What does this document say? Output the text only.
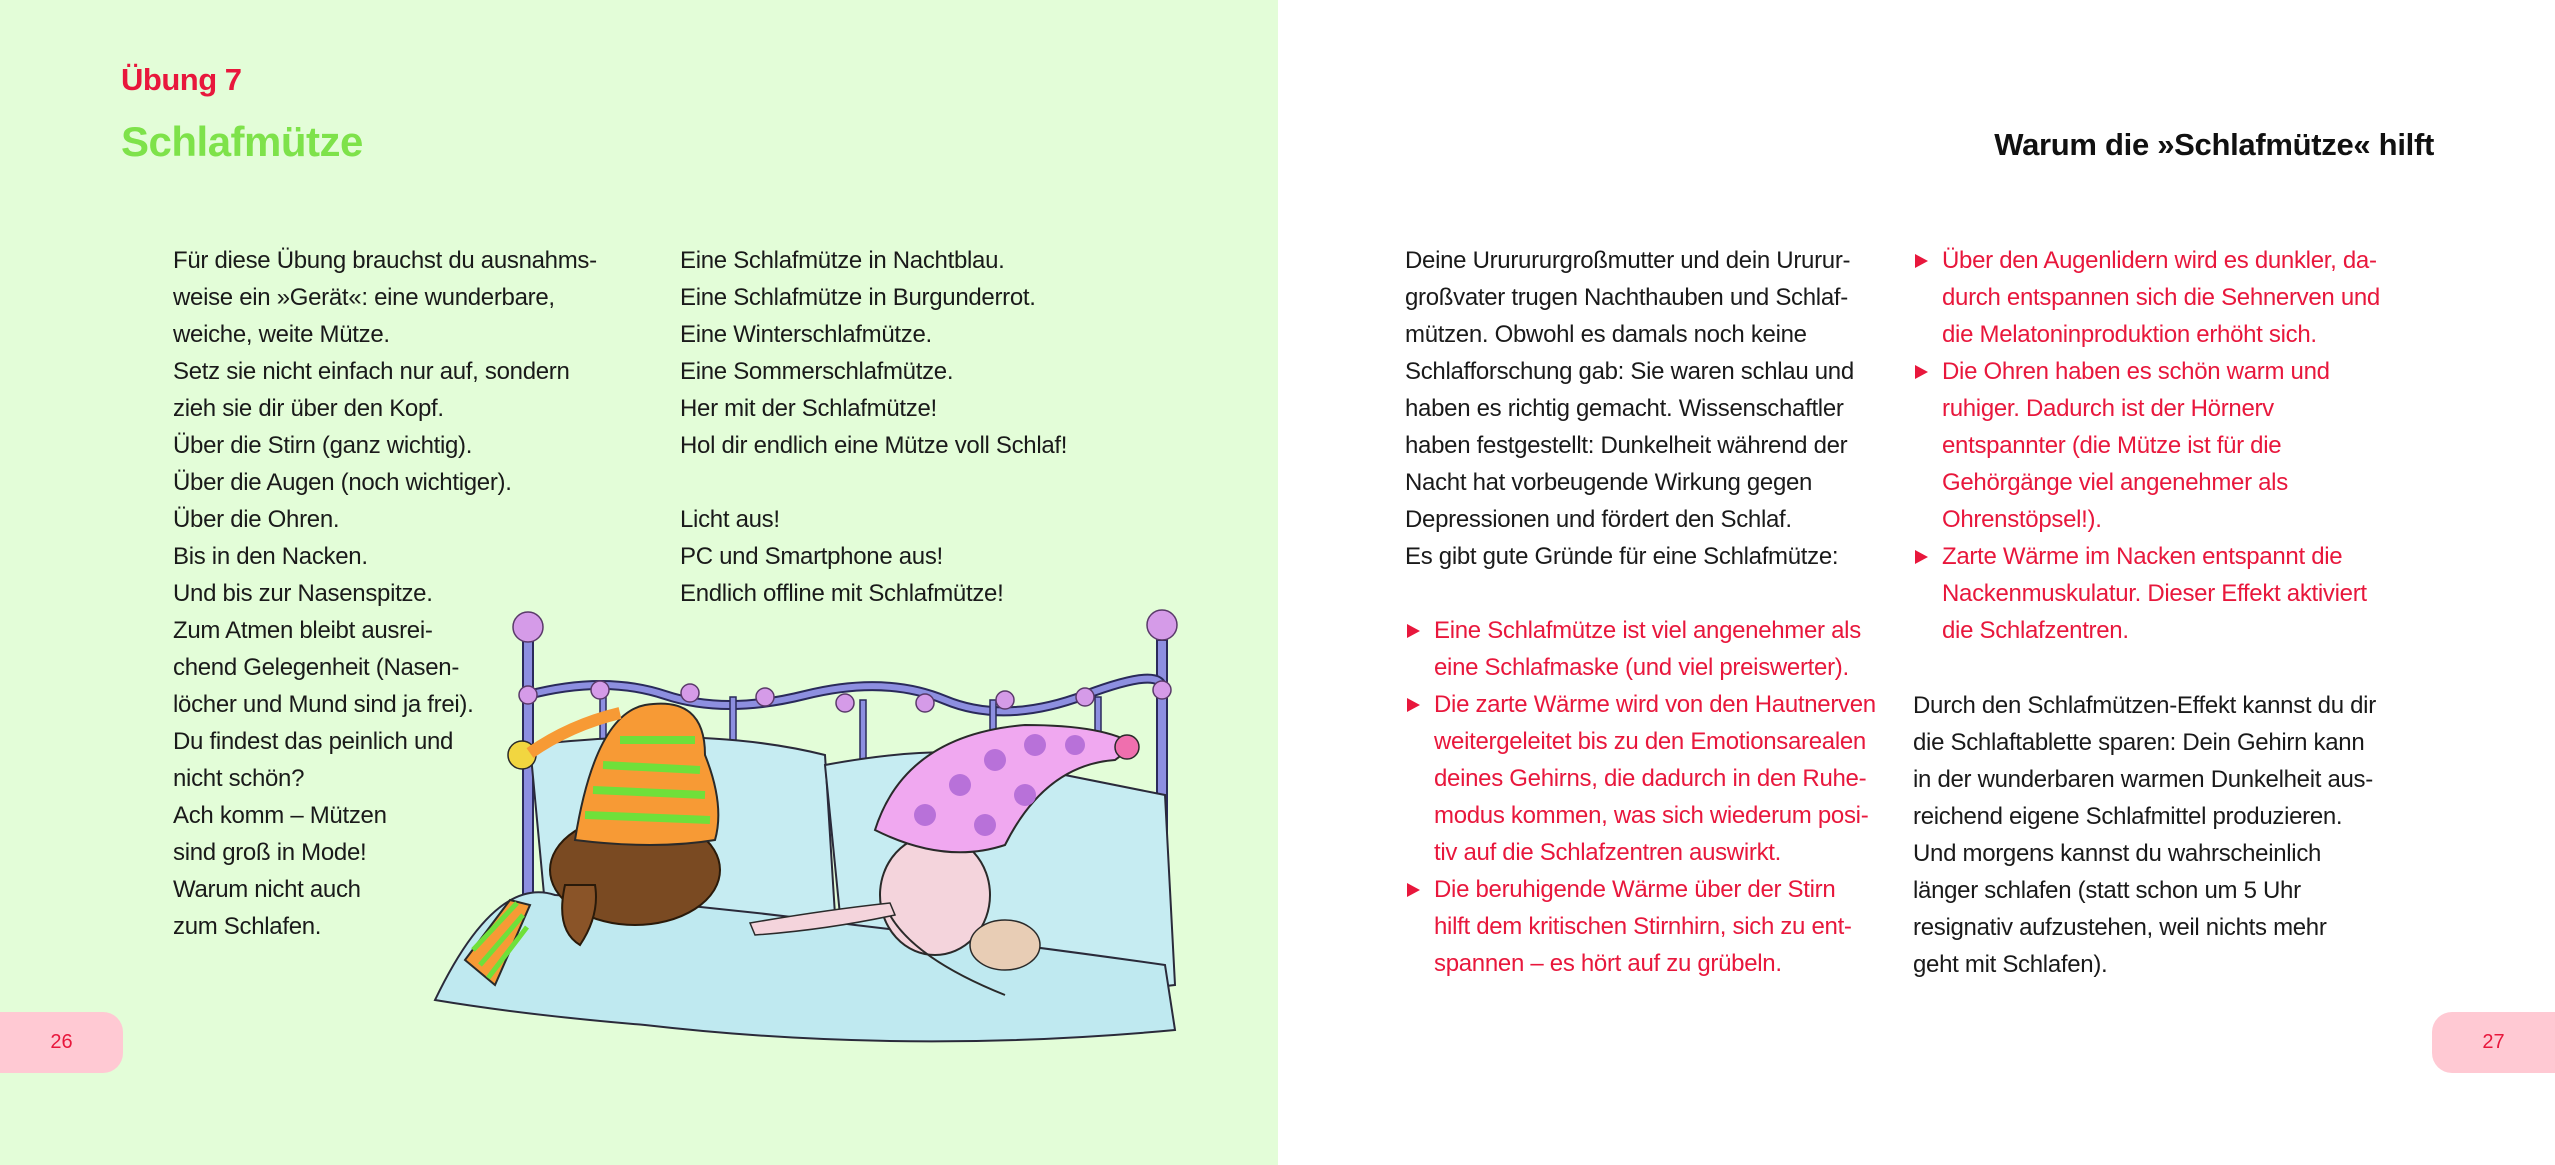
Übung 7
Schlafmütze
Für diese Übung brauchst du ausnahms-
weise ein »Gerät«: eine wunderbare,
weiche, weite Mütze.
Setz sie nicht einfach nur auf, sondern
zieh sie dir über den Kopf.
Über die Stirn (ganz wichtig).
Über die Augen (noch wichtiger).
Über die Ohren.
Bis in den Nacken.
Und bis zur Nasenspitze.
Zum Atmen bleibt ausrei-
chend Gelegenheit (Nasen-
löcher und Mund sind ja frei).
Du findest das peinlich und
nicht schön?
Ach komm – Mützen
sind groß in Mode!
Warum nicht auch
zum Schlafen.
Eine Schlafmütze in Nachtblau.
Eine Schlafmütze in Burgunderrot.
Eine Winterschlafmütze.
Eine Sommerschlafmütze.
Her mit der Schlafmütze!
Hol dir endlich eine Mütze voll Schlaf!
Licht aus!
PC und Smartphone aus!
Endlich offline mit Schlafmütze!
26
Warum die »Schlafmütze« hilft
Deine Ururururgroßmutter und dein Ururur-
großvater trugen Nachthauben und Schlaf-
mützen. Obwohl es damals noch keine
Schlafforschung gab: Sie waren schlau und
haben es richtig gemacht. Wissenschaftler
haben festgestellt: Dunkelheit während der
Nacht hat vorbeugende Wirkung gegen
Depressionen und fördert den Schlaf.
Es gibt gute Gründe für eine Schlafmütze:
Eine Schlafmütze ist viel angenehmer als
eine Schlafmaske (und viel preiswerter).
Die zarte Wärme wird von den Hautnerven
weitergeleitet bis zu den Emotionsarealen
deines Gehirns, die dadurch in den Ruhe-
modus kommen, was sich wiederum posi-
tiv auf die Schlafzentren auswirkt.
Die beruhigende Wärme über der Stirn
hilft dem kritischen Stirnhirn, sich zu ent-
spannen – es hört auf zu grübeln.
Über den Augenlidern wird es dunkler, da-
durch entspannen sich die Sehnerven und
die Melatoninproduktion erhöht sich.
Die Ohren haben es schön warm und
ruhiger. Dadurch ist der Hörnerv
entspannter (die Mütze ist für die
Gehörgänge viel angenehmer als
Ohrenstöpsel!).
Zarte Wärme im Nacken entspannt die
Nackenmuskulatur. Dieser Effekt aktiviert
die Schlafzentren.
Durch den Schlafmützen-Effekt kannst du dir
die Schlaftablette sparen: Dein Gehirn kann
in der wunderbaren warmen Dunkelheit aus-
reichend eigene Schlafmittel produzieren.
Und morgens kannst du wahrscheinlich
länger schlafen (statt schon um 5 Uhr
resignativ aufzustehen, weil nichts mehr
geht mit Schlafen).
27
